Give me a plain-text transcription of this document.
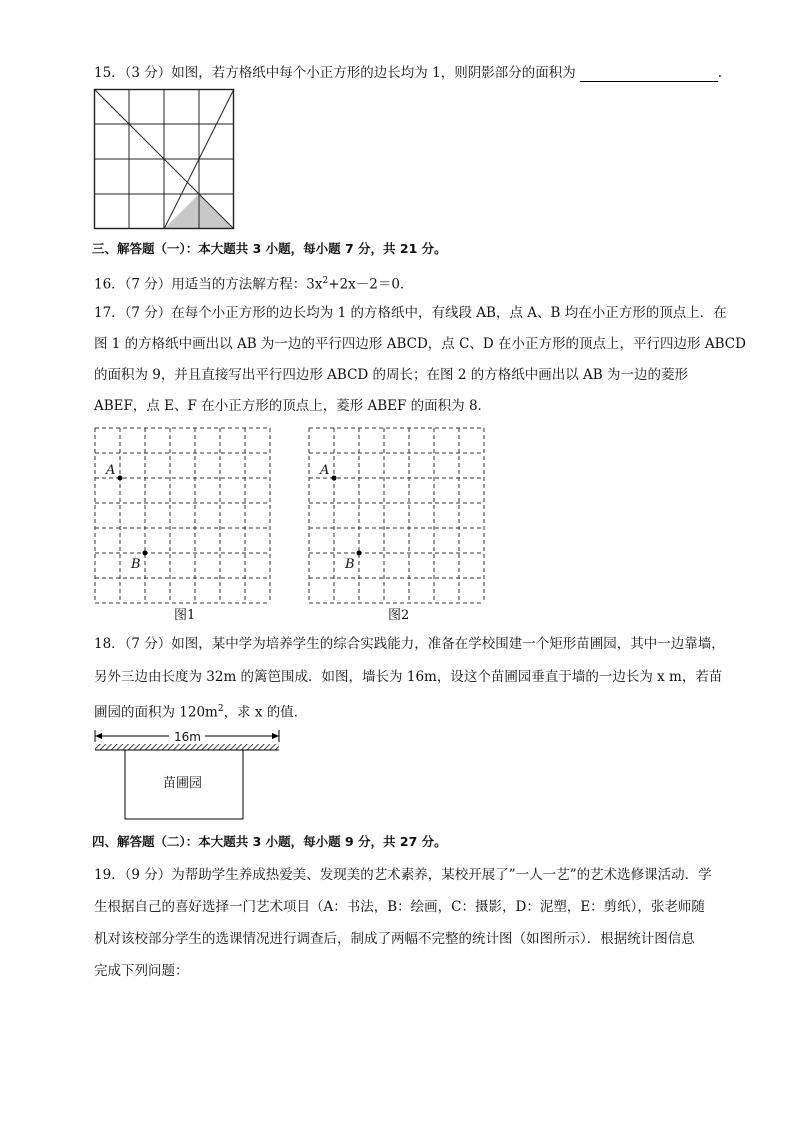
15．（3 分）如图，若方格纸中每个小正方形的边长均为 1，则阴影部分的面积为	.
三、解答题（一）：本大题共 3 小题，每小题 7 分，共 21 分。
16．（7 分）用适当的方法解方程：$3x^2+2x-2=0$．
17．（7 分）在每个小正方形的边长均为 1 的方格纸中，有线段 AB，点 A、B 均在小正方形的顶点上．在
图 1 的方格纸中画出以 AB 为一边的平行四边形 ABCD，点 C、D 在小正方形的顶点上，平行四边形 ABCD
的面积为 9，并且直接写出平行四边形 ABCD 的周长；在图 2 的方格纸中画出以 AB 为一边的菱形
ABEF，点 E、F 在小正方形的顶点上，菱形 ABEF 的面积为 8．
A
B
图1
A
B
图2
18．（7 分）如图，某中学为培养学生的综合实践能力，准备在学校围建一个矩形苗圃园，其中一边靠墙，
另外三边由长度为 32m 的篱笆围成．如图，墙长为 16m，设这个苗圃园垂直于墙的一边长为 x m，若苗
圃园的面积为 $120m^2$，求 x 的值．
16m
苗圃园
四、解答题（二）：本大题共 3 小题，每小题 9 分，共 27 分。
19．（9 分）为帮助学生养成热爱美、发现美的艺术素养，某校开展了”一人一艺”的艺术选修课活动．学
生根据自己的喜好选择一门艺术项目（A：书法，B：绘画，C：摄影，D：泥塑，E：剪纸），张老师随
机对该校部分学生的选课情况进行调查后，制成了两幅不完整的统计图（如图所示）．根据统计图信息
完成下列问题：
